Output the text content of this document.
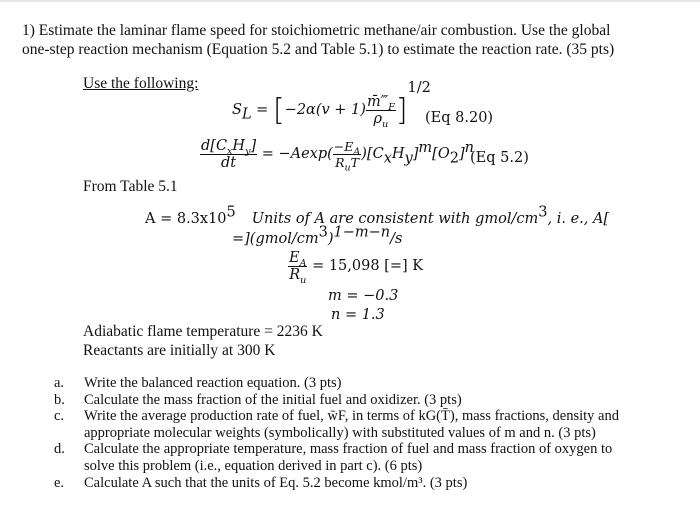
1) Estimate the laminar flame speed for stoichiometric methane/air combustion. Use the global
one-step reaction mechanism (Equation 5.2 and Table 5.1) to estimate the reaction rate. (35 pts)
Use the following:
$S_L = [-2\alpha(v + 1) \frac{m̄‴_F}{\rho_u} ]^{1/2}$
(Eq 8.20)
$\frac{d[C_xH_y]}{dt} = -Aexp( \frac{-E_A}{R_uT} )[C_xH_y]^m[O_2]^n$
(Eq 5.2)
From Table 5.1
$A = 8.3x10^5$ Units of A are consistent with gmol/$cm^3$, i. e., A[
$=](gmol/cm^3)^{1-m-n}/s$
$\frac{E_A}{R_u} = 15,098$ [=] K
m = −0.3
n = 1.3
Adiabatic flame temperature = 2236 K
Reactants are initially at 300 K
a. Write the balanced reaction equation. (3 pts)
b. Calculate the mass fraction of the initial fuel and oxidizer. (3 pts)
c. Write the average production rate of fuel, w̄F, in terms of kG(T̄), mass fractions, density and appropriate molecular weights (symbolically) with substituted values of m and n. (3 pts)
d. Calculate the appropriate temperature, mass fraction of fuel and mass fraction of oxygen to solve this problem (i.e., equation derived in part c). (6 pts)
e. Calculate A such that the units of Eq. 5.2 become kmol/m³. (3 pts)
